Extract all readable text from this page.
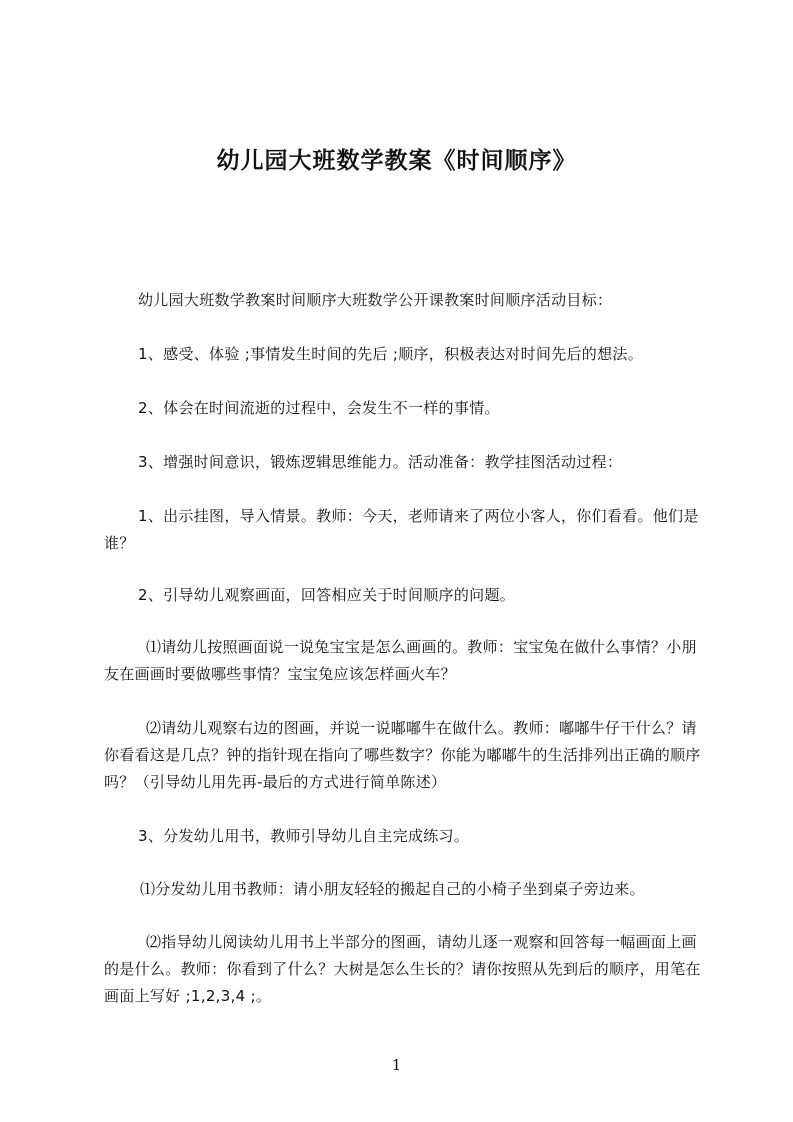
幼儿园大班数学教案《时间顺序》
幼儿园大班数学教案时间顺序大班数学公开课教案时间顺序活动目标：
1、感受、体验 ;事情发生时间的先后 ;顺序，积极表达对时间先后的想法。
2、体会在时间流逝的过程中，会发生不一样的事情。
3、增强时间意识，锻炼逻辑思维能力。活动准备：教学挂图活动过程：
1、出示挂图，导入情景。教师：今天，老师请来了两位小客人，你们看看。他们是谁？
2、引导幼儿观察画面，回答相应关于时间顺序的问题。
⑴请幼儿按照画面说一说兔宝宝是怎么画画的。教师：宝宝兔在做什么事情？小朋友在画画时要做哪些事情？宝宝兔应该怎样画火车？
⑵请幼儿观察右边的图画，并说一说嘟嘟牛在做什么。教师：嘟嘟牛仔干什么？请你看看这是几点？钟的指针现在指向了哪些数字？你能为嘟嘟牛的生活排列出正确的顺序吗？（引导幼儿用先再-最后的方式进行简单陈述）
3、分发幼儿用书，教师引导幼儿自主完成练习。
⑴分发幼儿用书教师：请小朋友轻轻的搬起自己的小椅子坐到桌子旁边来。
⑵指导幼儿阅读幼儿用书上半部分的图画，请幼儿逐一观察和回答每一幅画面上画的是什么。教师：你看到了什么？大树是怎么生长的？请你按照从先到后的顺序，用笔在画面上写好 ;1,2,3,4 ;。
1
